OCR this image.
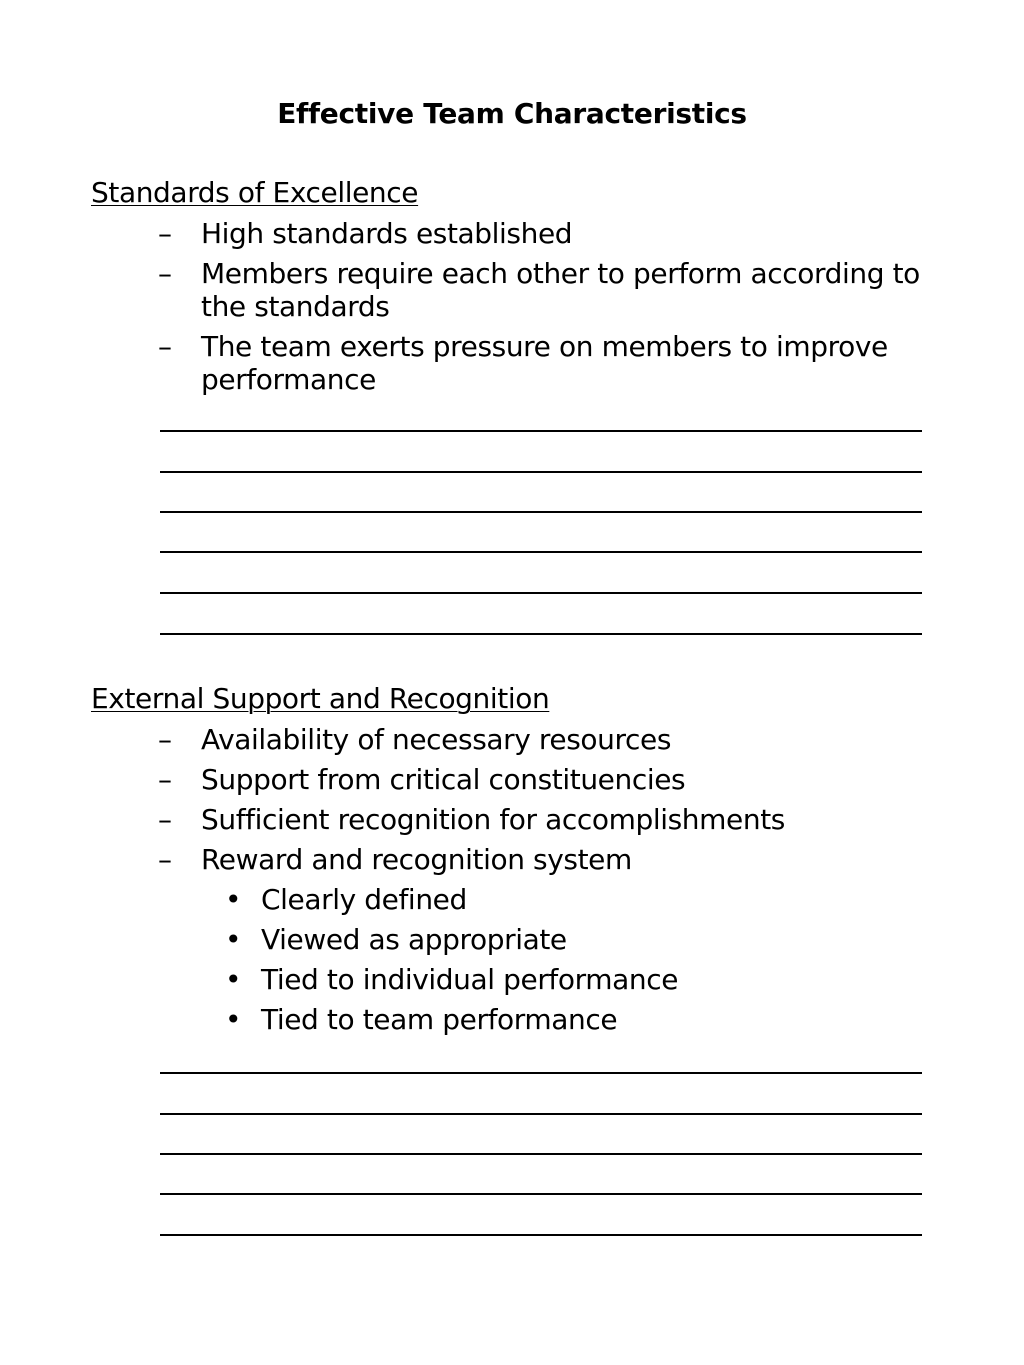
Effective Team Characteristics
Standards of Excellence
– High standards established
– Members require each other to perform according to the standards
– The team exerts pressure on members to improve performance
External Support and Recognition
– Availability of necessary resources
– Support from critical constituencies
– Sufficient recognition for accomplishments
– Reward and recognition system
• Clearly defined
• Viewed as appropriate
• Tied to individual performance
• Tied to team performance
